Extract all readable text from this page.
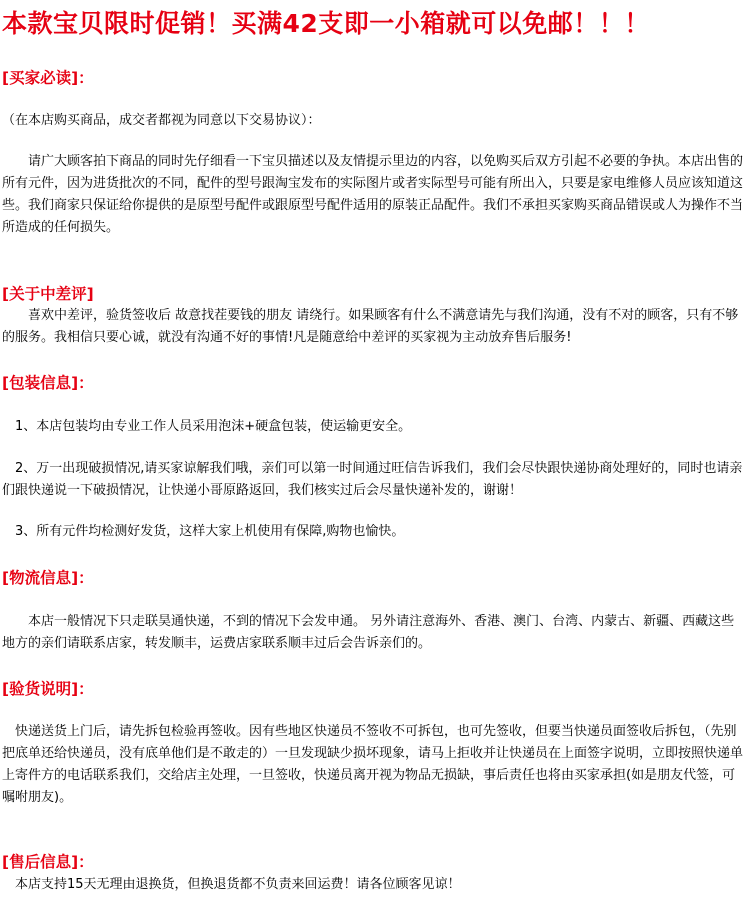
本款宝贝限时促销！买满42支即一小箱就可以免邮！！！
[买家必读]：
（在本店购买商品，成交者都视为同意以下交易协议）：
请广大顾客拍下商品的同时先仔细看一下宝贝描述以及友情提示里边的内容，以免购买后双方引起不必要的争执。本店出售的所有元件，因为进货批次的不同，配件的型号跟淘宝发布的实际图片或者实际型号可能有所出入，只要是家电维修人员应该知道这些。我们商家只保证给你提供的是原型号配件或跟原型号配件适用的原装正品配件。我们不承担买家购买商品错误或人为操作不当所造成的任何损失。
[关于中差评]
喜欢中差评，验货签收后 故意找茬要钱的朋友 请绕行。如果顾客有什么不满意请先与我们沟通，没有不对的顾客，只有不够的服务。我相信只要心诚，就没有沟通不好的事情!凡是随意给中差评的买家视为主动放弃售后服务!
[包装信息]：
1、本店包装均由专业工作人员采用泡沫+硬盒包装，使运输更安全。
2、万一出现破损情况,请买家谅解我们哦，亲们可以第一时间通过旺信告诉我们，我们会尽快跟快递协商处理好的，同时也请亲们跟快递说一下破损情况，让快递小哥原路返回，我们核实过后会尽量快递补发的，谢谢！
3、所有元件均检测好发货，这样大家上机使用有保障,购物也愉快。
[物流信息]：
本店一般情况下只走联昊通快递，不到的情况下会发申通。 另外请注意海外、香港、澳门、台湾、内蒙古、新疆、西藏这些地方的亲们请联系店家，转发顺丰，运费店家联系顺丰过后会告诉亲们的。
[验货说明]：
快递送货上门后，请先拆包检验再签收。因有些地区快递员不签收不可拆包，也可先签收，但要当快递员面签收后拆包，（先别把底单还给快递员，没有底单他们是不敢走的）一旦发现缺少损坏现象，请马上拒收并让快递员在上面签字说明，立即按照快递单上寄件方的电话联系我们，交给店主处理，一旦签收，快递员离开视为物品无损缺，事后责任也将由买家承担(如是朋友代签，可嘱咐朋友)。
[售后信息]：
本店支持15天无理由退换货，但换退货都不负责来回运费！请各位顾客见谅！
